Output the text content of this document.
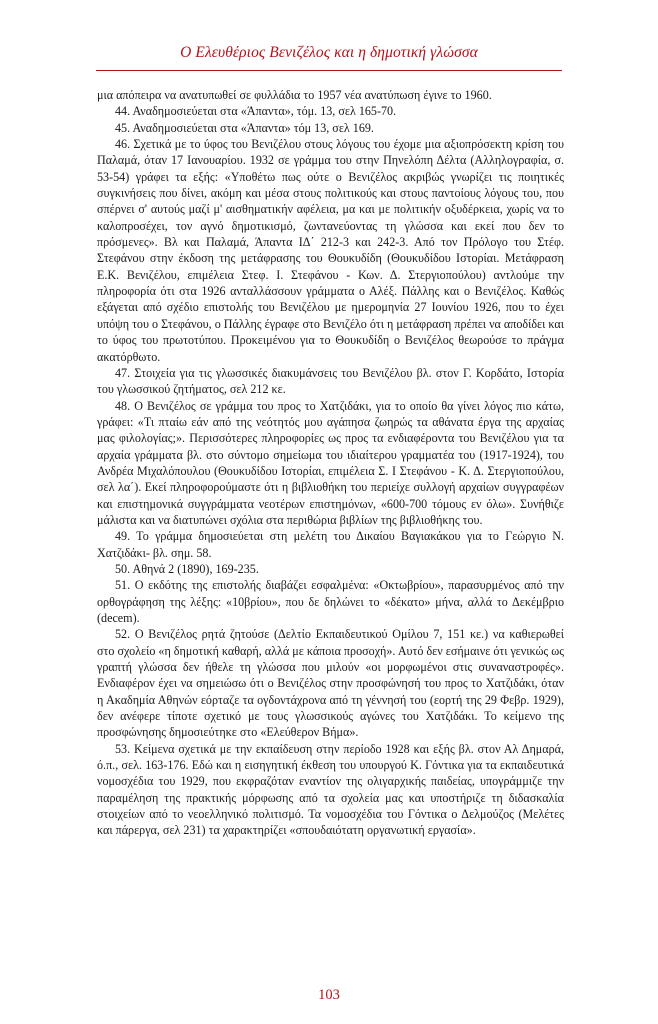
Ο Ελευθέριος Βενιζέλος και η δημοτική γλώσσα

μια απόπειρα να ανατυπωθεί σε φυλλάδια το 1957 νέα ανατύπωση έγινε το 1960.

44. Αναδημοσιεύεται στα «Άπαντα», τόμ. 13, σελ 165-70.

45. Αναδημοσιεύεται στα «Άπαντα» τόμ 13, σελ 169.

46. Σχετικά με το ύφος του Βενιζέλου στους λόγους του έχομε μια αξιοπρόσεκτη κρίση του Παλαμά, όταν 17 Ιανουαρίου. 1932 σε γράμμα του στην Πηνελόπη Δέλτα (Αλληλογραφία, σ. 53-54) γράφει τα εξής: «Υποθέτω πως ούτε ο Βενιζέλος ακριβώς γνωρίζει τις ποιητικές συγκινήσεις που δίνει, ακόμη και μέσα στους πολιτικούς και στους παντοίους λόγους του, που σπέρνει σ' αυτούς μαζί μ' αισθηματικήν αφέλεια, μα και με πολιτικήν οξυδέρκεια, χωρίς να το καλοπροσέχει, τον αγνό δημοτικισμό, ζωντανεύοντας τη γλώσσα και εκεί που δεν το πρόσμενες». Βλ και Παλαμά, Άπαντα ΙΔ΄ 212-3 και 242-3. Από τον Πρόλογο του Στέφ. Στεφάνου στην έκδοση της μετάφρασης του Θουκυδίδη (Θουκυδίδου Ιστορίαι. Μετάφραση Ε.Κ. Βενιζέλου, επιμέλεια Στεφ. Ι. Στεφάνου - Κων. Δ. Στεργιοπούλου) αντλούμε την πληροφορία ότι στα 1926 ανταλλάσσουν γράμματα ο Αλέξ. Πάλλης και ο Βενιζέλος. Καθώς εξάγεται από σχέδιο επιστολής του Βενιζέλου με ημερομηνία 27 Ιουνίου 1926, που το έχει υπόψη του ο Στεφάνου, ο Πάλλης έγραφε στο Βενιζέλο ότι η μετάφραση πρέπει να αποδίδει και το ύφος του πρωτοτύπου. Προκειμένου για το Θουκυδίδη ο Βενιζέλος θεωρούσε το πράγμα ακατόρθωτο.

47. Στοιχεία για τις γλωσσικές διακυμάνσεις του Βενιζέλου βλ. στον Γ. Κορδάτο, Ιστορία του γλωσσικού ζητήματος, σελ 212 κε.

48. Ο Βενιζέλος σε γράμμα του προς το Χατζιδάκι, για το οποίο θα γίνει λόγος πιο κάτω, γράφει: «Τι πταίω εάν από της νεότητός μου αγάπησα ζωηρώς τα αθάνατα έργα της αρχαίας μας φιλολογίας;». Περισσότερες πληροφορίες ως προς τα ενδιαφέροντα του Βενιζέλου για τα αρχαία γράμματα βλ. στο σύντομο σημείωμα του ιδιαίτερου γραμματέα του (1917-1924), του Ανδρέα Μιχαλόπουλου (Θουκυδίδου Ιστορίαι, επιμέλεια Σ. Ι Στεφάνου - Κ. Δ. Στεργιοπούλου, σελ λα΄). Εκεί πληροφορούμαστε ότι η βιβλιοθήκη του περιείχε συλλογή αρχαίων συγγραφέων και επιστημονικά συγγράμματα νεοτέρων επιστημόνων, «600-700 τόμους εν όλω». Συνήθιζε μάλιστα και να διατυπώνει σχόλια στα περιθώρια βιβλίων της βιβλιοθήκης του.

49. Το γράμμα δημοσιεύεται στη μελέτη του Δικαίου Βαγιακάκου για το Γεώργιο Ν. Χατζιδάκι- βλ. σημ. 58.

50. Αθηνά 2 (1890), 169-235.

51. Ο εκδότης της επιστολής διαβάζει εσφαλμένα: «Οκτωβρίου», παρασυρμένος από την ορθογράφηση της λέξης: «10βρίου», που δε δηλώνει το «δέκατο» μήνα, αλλά το Δεκέμβριο (decem).

52. Ο Βενιζέλος ρητά ζητούσε (Δελτίο Εκπαιδευτικού Ομίλου 7, 151 κε.) να καθιερωθεί στο σχολείο «η δημοτική καθαρή, αλλά με κάποια προσοχή». Αυτό δεν εσήμαινε ότι γενικώς ως γραπτή γλώσσα δεν ήθελε τη γλώσσα που μιλούν «οι μορφωμένοι στις συναναστροφές». Ενδιαφέρον έχει να σημειώσω ότι ο Βενιζέλος στην προσφώνησή του προς το Χατζιδάκι, όταν η Ακαδημία Αθηνών εόρταζε τα ογδοντάχρονα από τη γέννησή του (εορτή της 29 Φεβρ. 1929), δεν ανέφερε τίποτε σχετικό με τους γλωσσικούς αγώνες του Χατζιδάκι. Το κείμενο της προσφώνησης δημοσιεύτηκε στο «Ελεύθερον Βήμα».

53. Κείμενα σχετικά με την εκπαίδευση στην περίοδο 1928 και εξής βλ. στον Αλ Δημαρά, ό.π., σελ. 163-176. Εδώ και η εισηγητική έκθεση του υπουργού Κ. Γόντικα για τα εκπαιδευτικά νομοσχέδια του 1929, που εκφραζόταν εναντίον της ολιγαρχικής παιδείας, υπογράμμιζε την παραμέληση της πρακτικής μόρφωσης από τα σχολεία μας και υποστήριζε τη διδασκαλία στοιχείων από το νεοελληνικό πολιτισμό. Τα νομοσχέδια του Γόντικα ο Δελμούζος (Μελέτες και πάρεργα, σελ 231) τα χαρακτηρίζει «σπουδαιότατη οργανωτική εργασία».

103
